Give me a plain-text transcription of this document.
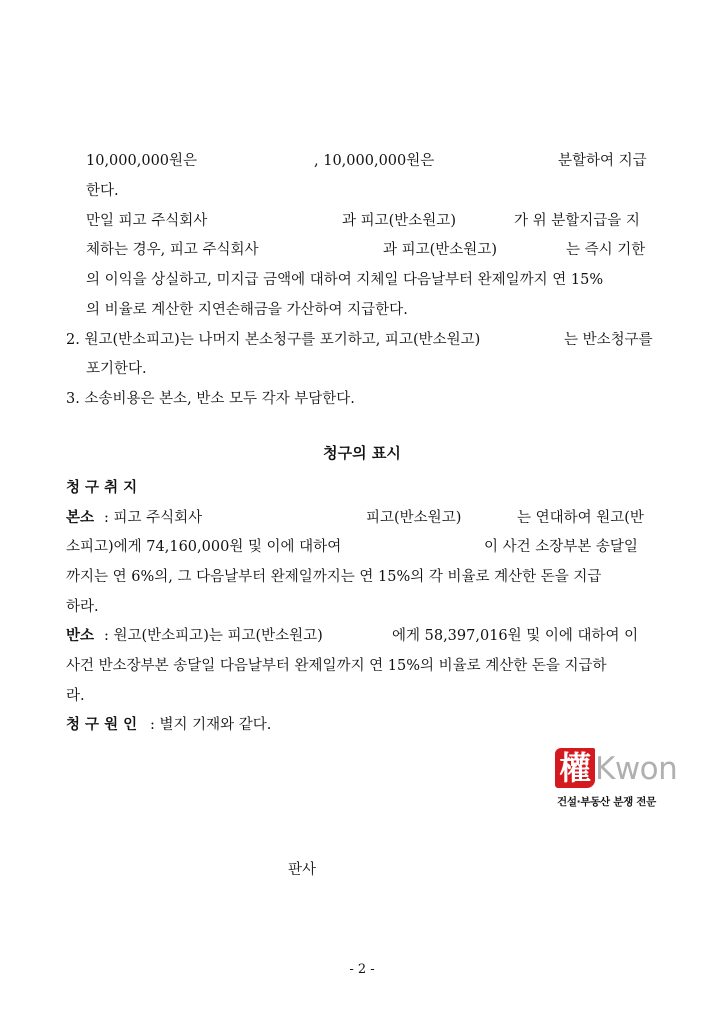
10,000,000원은	, 10,000,000원은	분할하여 지급
한다.
만일 피고 주식회사	과 피고(반소원고)	가 위 분할지급을 지
체하는 경우, 피고 주식회사	과 피고(반소원고)	는 즉시 기한
의 이익을 상실하고, 미지급 금액에 대하여 지체일 다음날부터 완제일까지 연 15%
의 비율로 계산한 지연손해금을 가산하여 지급한다.
2. 원고(반소피고)는 나머지 본소청구를 포기하고, 피고(반소원고)	는 반소청구를
포기한다.
3. 소송비용은 본소, 반소 모두 각자 부담한다.
청구의 표시
청 구 취 지
본소 : 피고 주식회사	피고(반소원고)	는 연대하여 원고(반
소피고)에게 74,160,000원 및 이에 대하여	이 사건 소장부본 송달일
까지는 연 6%의, 그 다음날부터 완제일까지는 연 15%의 각 비율로 계산한 돈을 지급
하라.
반소 : 원고(반소피고)는 피고(반소원고)	에게 58,397,016원 및 이에 대하여 이
사건 반소장부본 송달일 다음날부터 완제일까지 연 15%의 비율로 계산한 돈을 지급하
라.
청 구 원 인 : 별지 기재와 같다.
權 Kwon
건설·부동산 분쟁 전문
판사
- 2 -
